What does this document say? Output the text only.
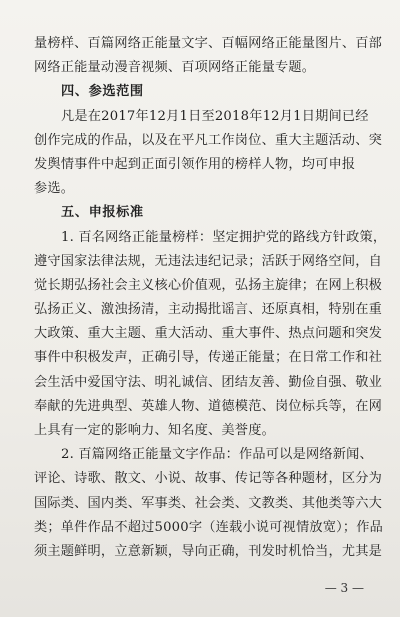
量榜样、百篇网络正能量文字、百幅网络正能量图片、百部
网络正能量动漫音视频、百项网络正能量专题。
四、参选范围
凡是在2017年12月1日至2018年12月1日期间已经
创作完成的作品，以及在平凡工作岗位、重大主题活动、突
发舆情事件中起到正面引领作用的榜样人物，均可申报
参选。
五、申报标准
1. 百名网络正能量榜样：坚定拥护党的路线方针政策，
遵守国家法律法规，无违法违纪记录；活跃于网络空间，自
觉长期弘扬社会主义核心价值观，弘扬主旋律；在网上积极
弘扬正义、激浊扬清，主动揭批谣言、还原真相，特别在重
大政策、重大主题、重大活动、重大事件、热点问题和突发
事件中积极发声，正确引导，传递正能量；在日常工作和社
会生活中爱国守法、明礼诚信、团结友善、勤俭自强、敬业
奉献的先进典型、英雄人物、道德模范、岗位标兵等，在网
上具有一定的影响力、知名度、美誉度。
2. 百篇网络正能量文字作品：作品可以是网络新闻、
评论、诗歌、散文、小说、故事、传记等各种题材，区分为
国际类、国内类、军事类、社会类、文教类、其他类等六大
类；单件作品不超过5000字（连载小说可视情放宽）；作品
须主题鲜明，立意新颖，导向正确，刊发时机恰当，尤其是
— 3 —
